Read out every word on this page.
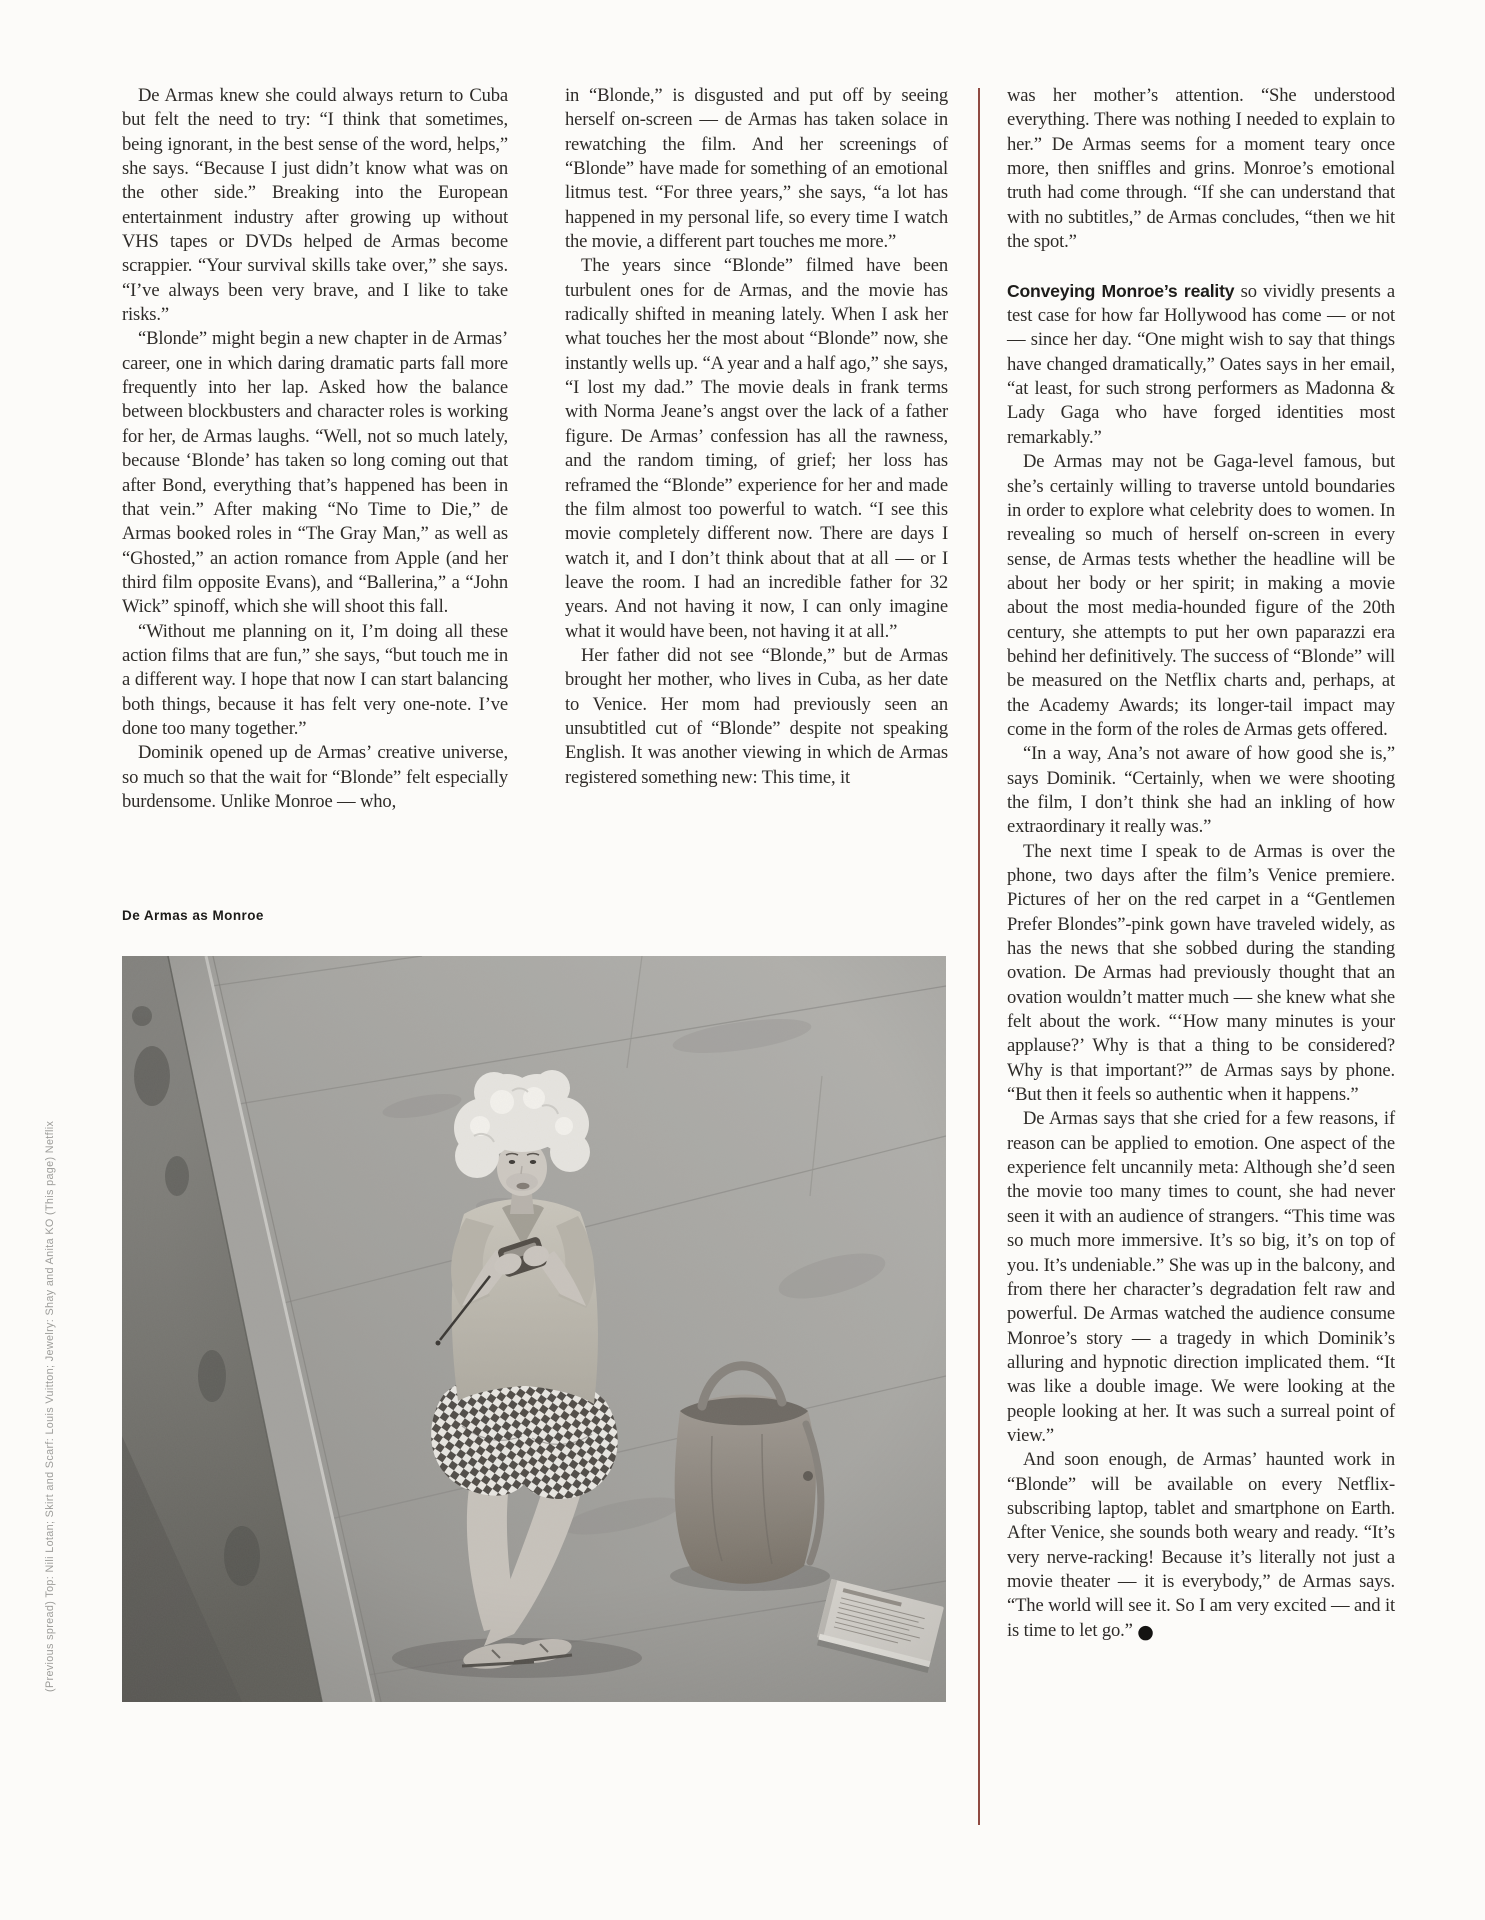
(Previous spread) Top: Nili Lotan; Skirt and Scarf: Louis Vuitton; Jewelry: Shay and Anita KO (This page) Netflix

De Armas knew she could always return to Cuba but felt the need to try: “I think that sometimes, being ignorant, in the best sense of the word, helps,” she says. “Because I just didn’t know what was on the other side.” Breaking into the European entertainment industry after growing up without VHS tapes or DVDs helped de Armas become scrappier. “Your survival skills take over,” she says. “I’ve always been very brave, and I like to take risks.”

“Blonde” might begin a new chapter in de Armas’ career, one in which daring dramatic parts fall more frequently into her lap. Asked how the balance between blockbusters and character roles is working for her, de Armas laughs. “Well, not so much lately, because ‘Blonde’ has taken so long coming out that after Bond, everything that’s happened has been in that vein.” After making “No Time to Die,” de Armas booked roles in “The Gray Man,” as well as “Ghosted,” an action romance from Apple (and her third film opposite Evans), and “Ballerina,” a “John Wick” spinoff, which she will shoot this fall.

“Without me planning on it, I’m doing all these action films that are fun,” she says, “but touch me in a different way. I hope that now I can start balancing both things, because it has felt very one-note. I’ve done too many together.”

Dominik opened up de Armas’ creative universe, so much so that the wait for “Blonde” felt especially burdensome. Unlike Monroe — who,

in “Blonde,” is disgusted and put off by seeing herself on-screen — de Armas has taken solace in rewatching the film. And her screenings of “Blonde” have made for something of an emotional litmus test. “For three years,” she says, “a lot has happened in my personal life, so every time I watch the movie, a different part touches me more.”

The years since “Blonde” filmed have been turbulent ones for de Armas, and the movie has radically shifted in meaning lately. When I ask her what touches her the most about “Blonde” now, she instantly wells up. “A year and a half ago,” she says, “I lost my dad.” The movie deals in frank terms with Norma Jeane’s angst over the lack of a father figure. De Armas’ confession has all the rawness, and the random timing, of grief; her loss has reframed the “Blonde” experience for her and made the film almost too powerful to watch. “I see this movie completely different now. There are days I watch it, and I don’t think about that at all — or I leave the room. I had an incredible father for 32 years. And not having it now, I can only imagine what it would have been, not having it at all.”

Her father did not see “Blonde,” but de Armas brought her mother, who lives in Cuba, as her date to Venice. Her mom had previously seen an unsubtitled cut of “Blonde” despite not speaking English. It was another viewing in which de Armas registered something new: This time, it

was her mother’s attention. “She understood everything. There was nothing I needed to explain to her.” De Armas seems for a moment teary once more, then sniffles and grins. Monroe’s emotional truth had come through. “If she can understand that with no subtitles,” de Armas concludes, “then we hit the spot.”

Conveying Monroe’s reality so vividly presents a test case for how far Hollywood has come — or not — since her day. “One might wish to say that things have changed dramatically,” Oates says in her email, “at least, for such strong performers as Madonna & Lady Gaga who have forged identities most remarkably.”

De Armas may not be Gaga-level famous, but she’s certainly willing to traverse untold boundaries in order to explore what celebrity does to women. In revealing so much of herself on-screen in every sense, de Armas tests whether the headline will be about her body or her spirit; in making a movie about the most media-hounded figure of the 20th century, she attempts to put her own paparazzi era behind her definitively. The success of “Blonde” will be measured on the Netflix charts and, perhaps, at the Academy Awards; its longer-tail impact may come in the form of the roles de Armas gets offered.

“In a way, Ana’s not aware of how good she is,” says Dominik. “Certainly, when we were shooting the film, I don’t think she had an inkling of how extraordinary it really was.”

The next time I speak to de Armas is over the phone, two days after the film’s Venice premiere. Pictures of her on the red carpet in a “Gentlemen Prefer Blondes”-pink gown have traveled widely, as has the news that she sobbed during the standing ovation. De Armas had previously thought that an ovation wouldn’t matter much — she knew what she felt about the work. “‘How many minutes is your applause?’ Why is that a thing to be considered? Why is that important?” de Armas says by phone. “But then it feels so authentic when it happens.”

De Armas says that she cried for a few reasons, if reason can be applied to emotion. One aspect of the experience felt uncannily meta: Although she’d seen the movie too many times to count, she had never seen it with an audience of strangers. “This time was so much more immersive. It’s so big, it’s on top of you. It’s undeniable.” She was up in the balcony, and from there her character’s degradation felt raw and powerful. De Armas watched the audience consume Monroe’s story — a tragedy in which Dominik’s alluring and hypnotic direction implicated them. “It was like a double image. We were looking at the people looking at her. It was such a surreal point of view.”

And soon enough, de Armas’ haunted work in “Blonde” will be available on every Netflix-subscribing laptop, tablet and smartphone on Earth. After Venice, she sounds both weary and ready. “It’s very nerve-racking! Because it’s literally not just a movie theater — it is everybody,” de Armas says. “The world will see it. So I am very excited — and it is time to let go.” ●

De Armas as Monroe
